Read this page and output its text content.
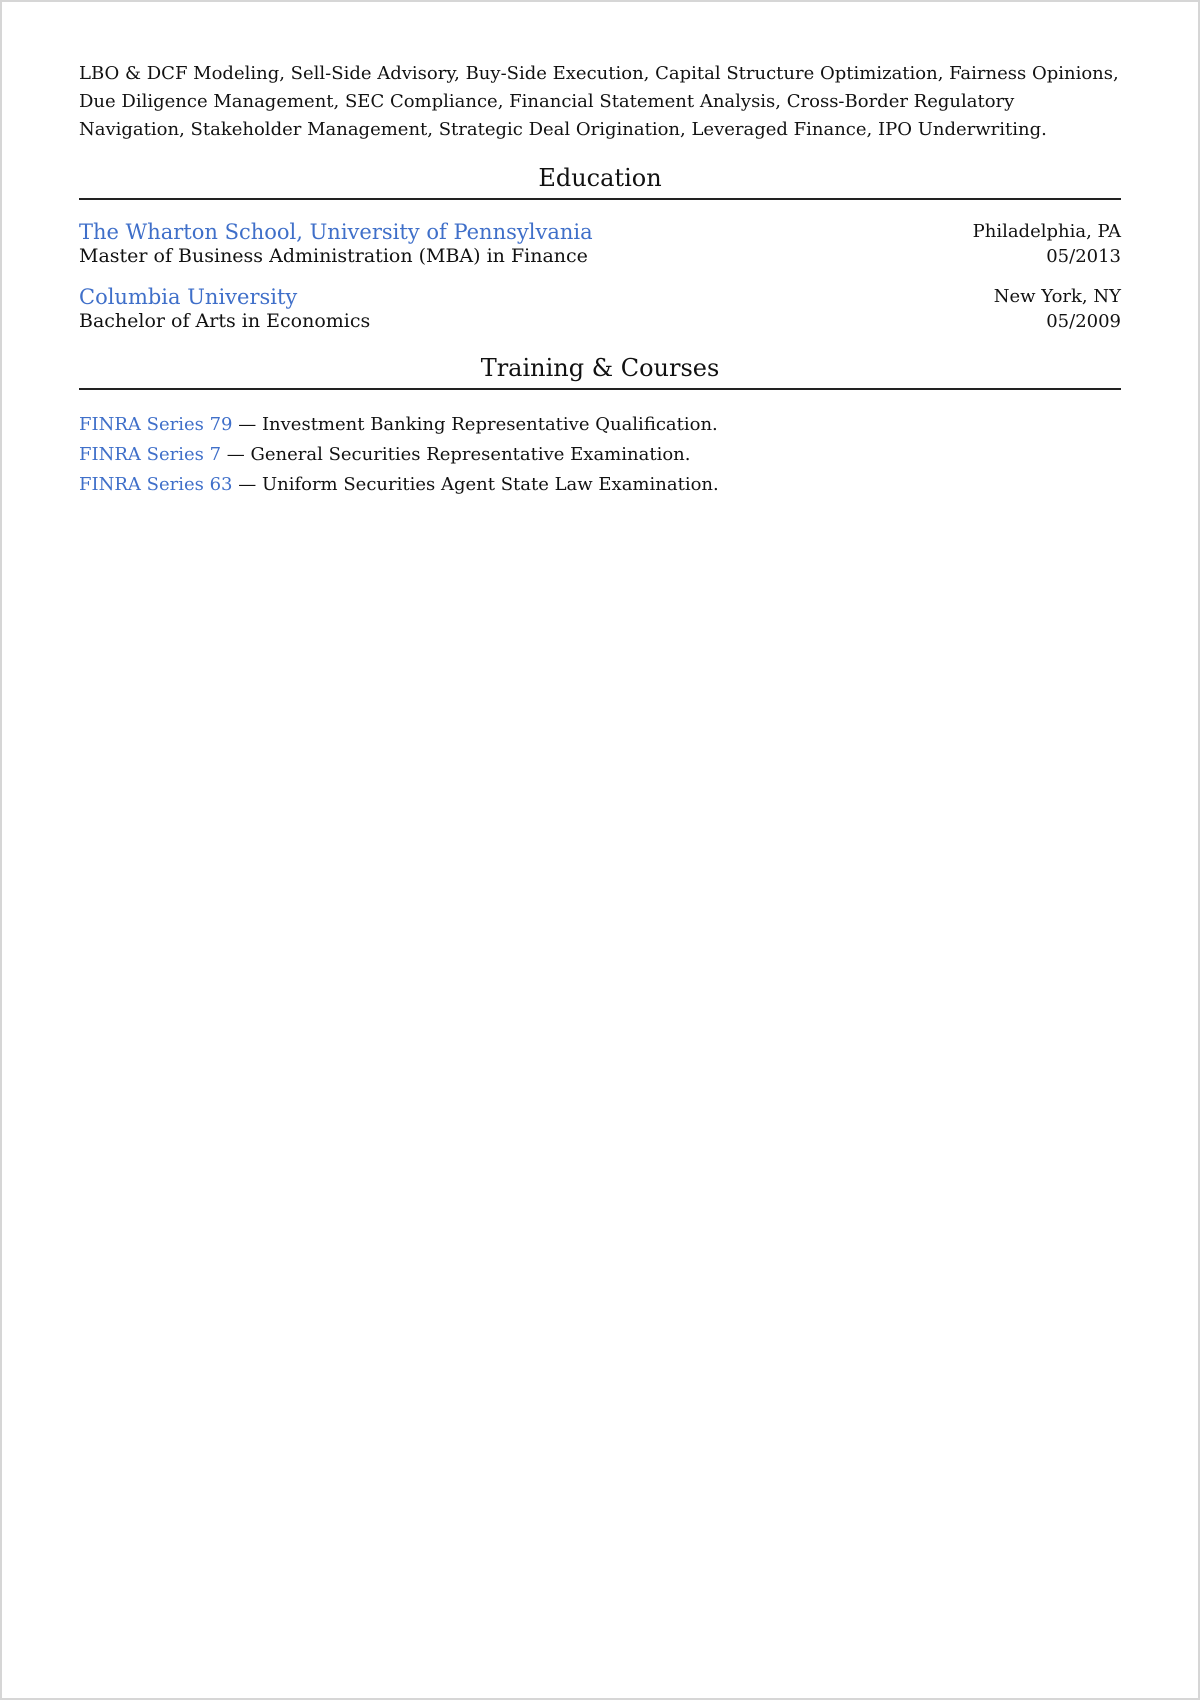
LBO & DCF Modeling, Sell-Side Advisory, Buy-Side Execution, Capital Structure Optimization, Fairness Opinions, Due Diligence Management, SEC Compliance, Financial Statement Analysis, Cross-Border Regulatory Navigation, Stakeholder Management, Strategic Deal Origination, Leveraged Finance, IPO Underwriting.

Education
The Wharton School, University of Pennsylvania
Master of Business Administration (MBA) in Finance
Philadelphia, PA
05/2013
Columbia University
Bachelor of Arts in Economics
New York, NY
05/2009
Training & Courses
FINRA Series 79 — Investment Banking Representative Qualification.
FINRA Series 7 — General Securities Representative Examination.
FINRA Series 63 — Uniform Securities Agent State Law Examination.
